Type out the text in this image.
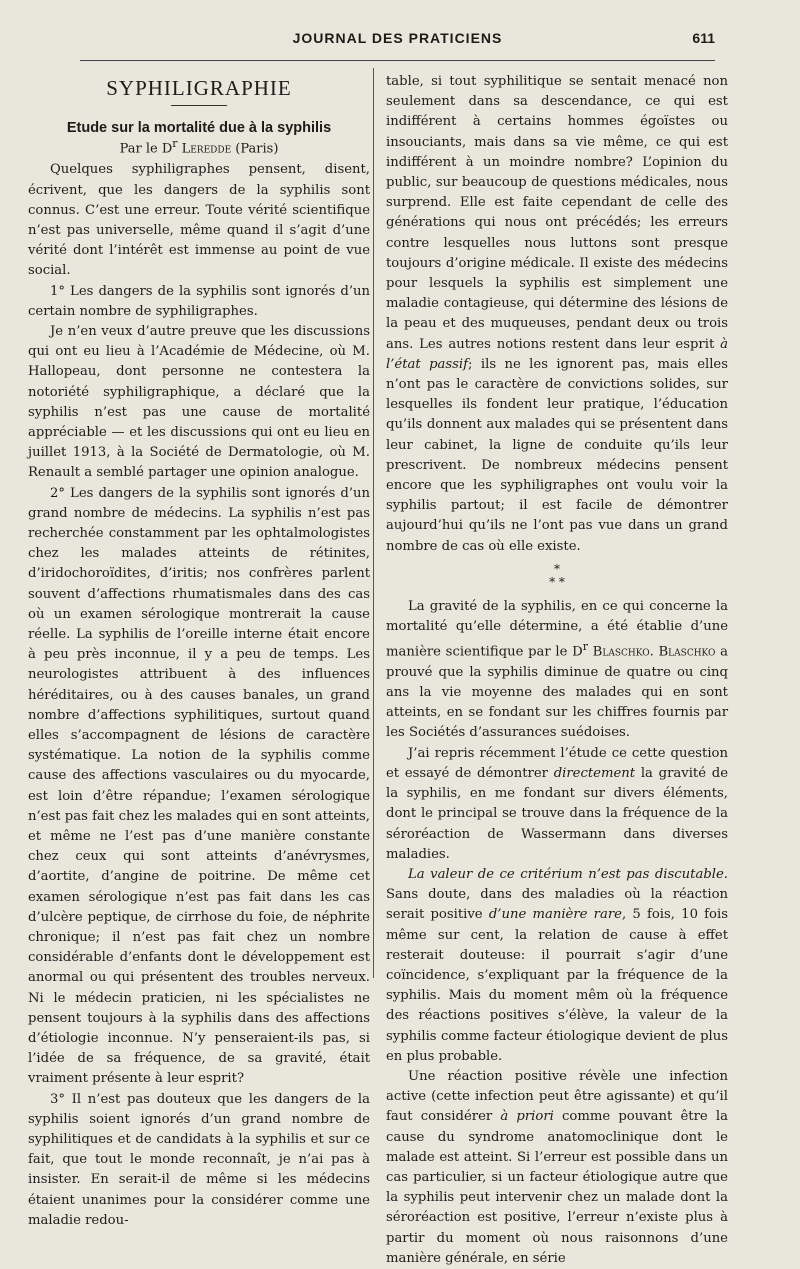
JOURNAL DES PRATICIENS	611
SYPHILIGRAPHIE
Etude sur la mortalité due à la syphilis
Par le $D^r$ Leredde (Paris)

Quelques syphiligraphes pensent, disent, écrivent, que les dangers de la syphilis sont connus. C’est une erreur. Toute vérité scientifique n’est pas universelle, même quand il s’agit d’une vérité dont l’intérêt est immense au point de vue social.

1° Les dangers de la syphilis sont ignorés d’un certain nombre de syphiligraphes.

Je n’en veux d’autre preuve que les discussions qui ont eu lieu à l’Académie de Médecine, où M. Hallopeau, dont personne ne contestera la notoriété syphiligraphique, a déclaré que la syphilis n’est pas une cause de mortalité appréciable — et les discussions qui ont eu lieu en juillet 1913, à la Société de Dermatologie, où M. Renault a semblé partager une opinion analogue.

2° Les dangers de la syphilis sont ignorés d’un grand nombre de médecins. La syphilis n’est pas recherchée constamment par les ophtalmologistes chez les malades atteints de rétinites, d’iridochoroïdites, d’iritis; nos confrères parlent souvent d’affections rhumatismales dans des cas où un examen sérologique montrerait la cause réelle. La syphilis de l’oreille interne était encore à peu près inconnue, il y a peu de temps. Les neurologistes attribuent à des influences héréditaires, ou à des causes banales, un grand nombre d’affections syphilitiques, surtout quand elles s’accompagnent de lésions de caractère systématique. La notion de la syphilis comme cause des affections vasculaires ou du myocarde, est loin d’être répandue; l’examen sérologique n’est pas fait chez les malades qui en sont atteints, et même ne l’est pas d’une manière constante chez ceux qui sont atteints d’anévrysmes, d’aortite, d’angine de poitrine. De même cet examen sérologique n’est pas fait dans les cas d’ulcère peptique, de cirrhose du foie, de néphrite chronique; il n’est pas fait chez un nombre considérable d’enfants dont le développement est anormal ou qui présentent des troubles nerveux. Ni le médecin praticien, ni les spécialistes ne pensent toujours à la syphilis dans des affections d’étiologie inconnue. N’y penseraient-ils pas, si l’idée de sa fréquence, de sa gravité, était vraiment présente à leur esprit?

3° Il n’est pas douteux que les dangers de la syphilis soient ignorés d’un grand nombre de syphilitiques et de candidats à la syphilis et sur ce fait, que tout le monde reconnaît, je n’ai pas à insister. En serait-il de même si les médecins étaient unanimes pour la considérer comme une maladie redou-

table, si tout syphilitique se sentait menacé non seulement dans sa descendance, ce qui est indifférent à certains hommes égoïstes ou insouciants, mais dans sa vie même, ce qui est indifférent à un moindre nombre? L’opinion du public, sur beaucoup de questions médicales, nous surprend. Elle est faite cependant de celle des générations qui nous ont précédés; les erreurs contre lesquelles nous luttons sont presque toujours d’origine médicale. Il existe des médecins pour lesquels la syphilis est simplement une maladie contagieuse, qui détermine des lésions de la peau et des muqueuses, pendant deux ou trois ans. Les autres notions restent dans leur esprit à l’état passif; ils ne les ignorent pas, mais elles n’ont pas le caractère de convictions solides, sur lesquelles ils fondent leur pratique, l’éducation qu’ils donnent aux malades qui se présentent dans leur cabinet, la ligne de conduite qu’ils leur prescrivent. De nombreux médecins pensent encore que les syphiligraphes ont voulu voir la syphilis partout; il est facile de démontrer aujourd’hui qu’ils ne l’ont pas vue dans un grand nombre de cas où elle existe.

*
* *

La gravité de la syphilis, en ce qui concerne la mortalité qu’elle détermine, a été établie d’une manière scientifique par le $D^r$ Blaschko. Blaschko a prouvé que la syphilis diminue de quatre ou cinq ans la vie moyenne des malades qui en sont atteints, en se fondant sur les chiffres fournis par les Sociétés d’assurances suédoises.

J’ai repris récemment l’étude ce cette question et essayé de démontrer directement la gravité de la syphilis, en me fondant sur divers éléments, dont le principal se trouve dans la fréquence de la séroréaction de Wassermann dans diverses maladies.

La valeur de ce critérium n’est pas discutable. Sans doute, dans des maladies où la réaction serait positive d’une manière rare, 5 fois, 10 fois même sur cent, la relation de cause à effet resterait douteuse: il pourrait s’agir d’une coïncidence, s’expliquant par la fréquence de la syphilis. Mais du moment mêm où la fréquence des réactions positives s’élève, la valeur de la syphilis comme facteur étiologique devient de plus en plus probable.

Une réaction positive révèle une infection active (cette infection peut être agissante) et qu’il faut considérer à priori comme pouvant être la cause du syndrome anatomoclinique dont le malade est atteint. Si l’erreur est possible dans un cas particulier, si un facteur étiologique autre que la syphilis peut intervenir chez un malade dont la séroréaction est positive, l’erreur n’existe plus à partir du moment où nous raisonnons d’une manière générale, en série
